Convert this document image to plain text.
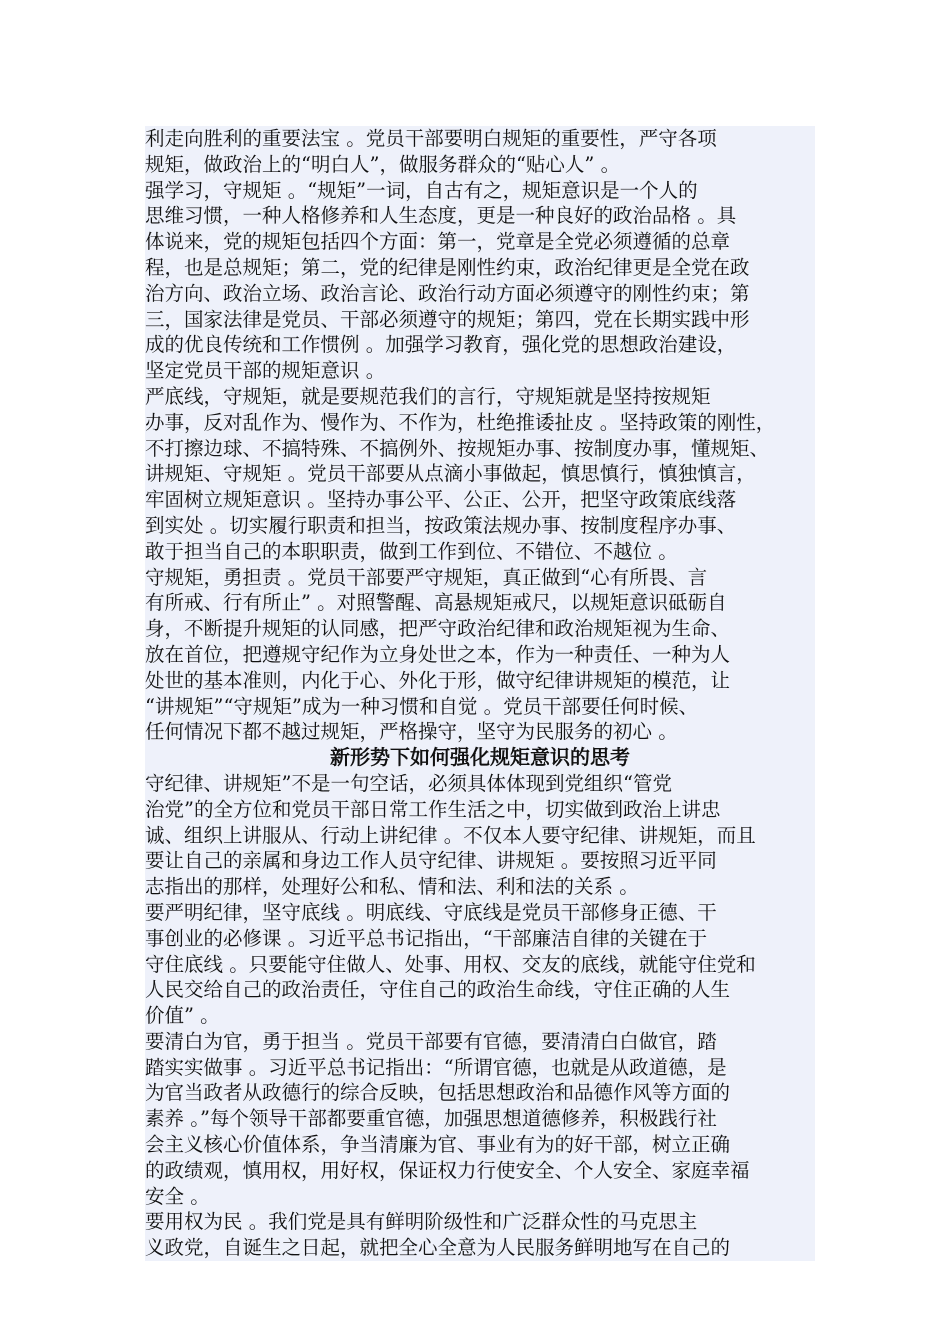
利走向胜利的重要法宝 。党员干部要明白规矩的重要性，严守各项
规矩，做政治上的“明白人”，做服务群众的“贴心人” 。
强学习，守规矩 。“规矩”一词，自古有之，规矩意识是一个人的
思维习惯，一种人格修养和人生态度，更是一种良好的政治品格 。具
体说来，党的规矩包括四个方面：第一，党章是全党必须遵循的总章
程，也是总规矩；第二，党的纪律是刚性约束，政治纪律更是全党在政
治方向、政治立场、政治言论、政治行动方面必须遵守的刚性约束；第
三，国家法律是党员、干部必须遵守的规矩；第四，党在长期实践中形
成的优良传统和工作惯例 。加强学习教育，强化党的思想政治建设，
坚定党员干部的规矩意识 。
严底线，守规矩，就是要规范我们的言行，守规矩就是坚持按规矩
办事，反对乱作为、慢作为、不作为，杜绝推诿扯皮 。坚持政策的刚性，
不打擦边球、不搞特殊、不搞例外、按规矩办事、按制度办事，懂规矩、
讲规矩、守规矩 。党员干部要从点滴小事做起，慎思慎行，慎独慎言，
牢固树立规矩意识 。坚持办事公平、公正、公开，把坚守政策底线落
到实处 。切实履行职责和担当，按政策法规办事、按制度程序办事、
敢于担当自己的本职职责，做到工作到位、不错位、不越位 。
守规矩，勇担责 。党员干部要严守规矩，真正做到“心有所畏、言
有所戒、行有所止” 。对照警醒、高悬规矩戒尺，以规矩意识砥砺自
身，不断提升规矩的认同感，把严守政治纪律和政治规矩视为生命、
放在首位，把遵规守纪作为立身处世之本，作为一种责任、一种为人
处世的基本准则，内化于心、外化于形，做守纪律讲规矩的模范，让
“讲规矩”“守规矩”成为一种习惯和自觉 。党员干部要任何时候、
任何情况下都不越过规矩，严格操守，坚守为民服务的初心 。
新形势下如何强化规矩意识的思考
守纪律、讲规矩”不是一句空话，必须具体体现到党组织“管党
治党”的全方位和党员干部日常工作生活之中，切实做到政治上讲忠
诚、组织上讲服从、行动上讲纪律 。不仅本人要守纪律、讲规矩，而且
要让自己的亲属和身边工作人员守纪律、讲规矩 。要按照习近平同
志指出的那样，处理好公和私、情和法、利和法的关系 。
要严明纪律，坚守底线 。明底线、守底线是党员干部修身正德、干
事创业的必修课 。习近平总书记指出，“干部廉洁自律的关键在于
守住底线 。只要能守住做人、处事、用权、交友的底线，就能守住党和
人民交给自己的政治责任，守住自己的政治生命线，守住正确的人生
价值” 。
要清白为官，勇于担当 。党员干部要有官德，要清清白白做官，踏
踏实实做事 。习近平总书记指出：“所谓官德，也就是从政道德，是
为官当政者从政德行的综合反映，包括思想政治和品德作风等方面的
素养 。”每个领导干部都要重官德，加强思想道德修养，积极践行社
会主义核心价值体系，争当清廉为官、事业有为的好干部，树立正确
的政绩观，慎用权，用好权，保证权力行使安全、个人安全、家庭幸福
安全 。
要用权为民 。我们党是具有鲜明阶级性和广泛群众性的马克思主
义政党，自诞生之日起，就把全心全意为人民服务鲜明地写在自己的
